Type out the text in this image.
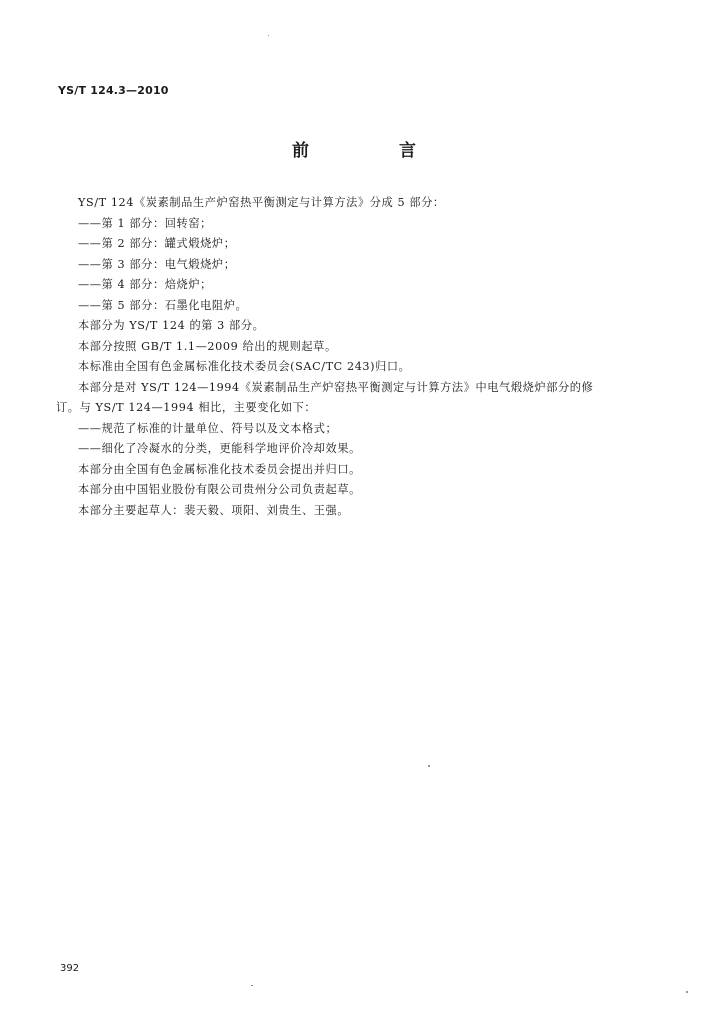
YS/T 124.3—2010
前 言
YS/T 124《炭素制品生产炉窑热平衡测定与计算方法》分成 5 部分：
——第 1 部分：回转窑；
——第 2 部分：罐式煅烧炉；
——第 3 部分：电气煅烧炉；
——第 4 部分：焙烧炉；
——第 5 部分：石墨化电阻炉。
本部分为 YS/T 124 的第 3 部分。
本部分按照 GB/T 1.1—2009 给出的规则起草。
本标准由全国有色金属标准化技术委员会(SAC/TC 243)归口。
本部分是对 YS/T 124—1994《炭素制品生产炉窑热平衡测定与计算方法》中电气煅烧炉部分的修
订。与 YS/T 124—1994 相比，主要变化如下：
——规范了标准的计量单位、符号以及文本格式；
——细化了冷凝水的分类，更能科学地评价冷却效果。
本部分由全国有色金属标准化技术委员会提出并归口。
本部分由中国铝业股份有限公司贵州分公司负责起草。
本部分主要起草人：裴天毅、项阳、刘贵生、王强。
392
